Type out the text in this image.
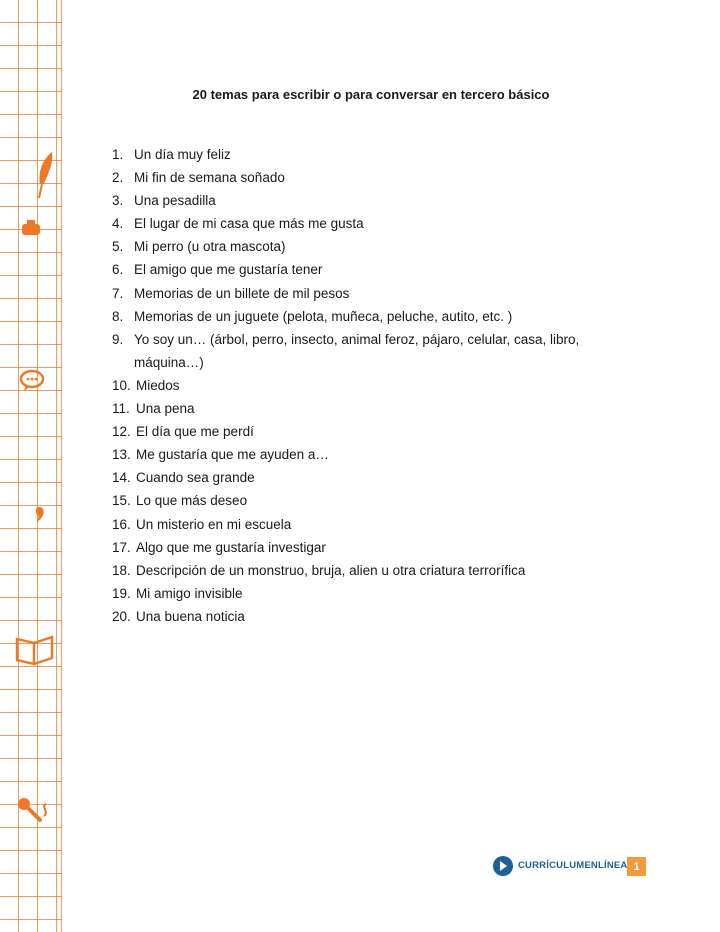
20 temas para escribir o para conversar en tercero básico
1. Un día muy feliz
2. Mi fin de semana soñado
3. Una pesadilla
4. El lugar de mi casa que más me gusta
5. Mi perro (u otra mascota)
6. El amigo que me gustaría tener
7. Memorias de un billete de mil pesos
8. Memorias de un juguete (pelota, muñeca, peluche, autito, etc. )
9. Yo soy un… (árbol, perro, insecto, animal feroz, pájaro, celular, casa, libro, máquina…)
10. Miedos
11. Una pena
12. El día que me perdí
13. Me gustaría que me ayuden a…
14. Cuando sea grande
15. Lo que más deseo
16. Un misterio en mi escuela
17. Algo que me gustaría investigar
18. Descripción de un monstruo, bruja, alien u otra criatura terrorífica
19. Mi amigo invisible
20. Una buena noticia
CURRÍCULUMENLÍNEA 1
